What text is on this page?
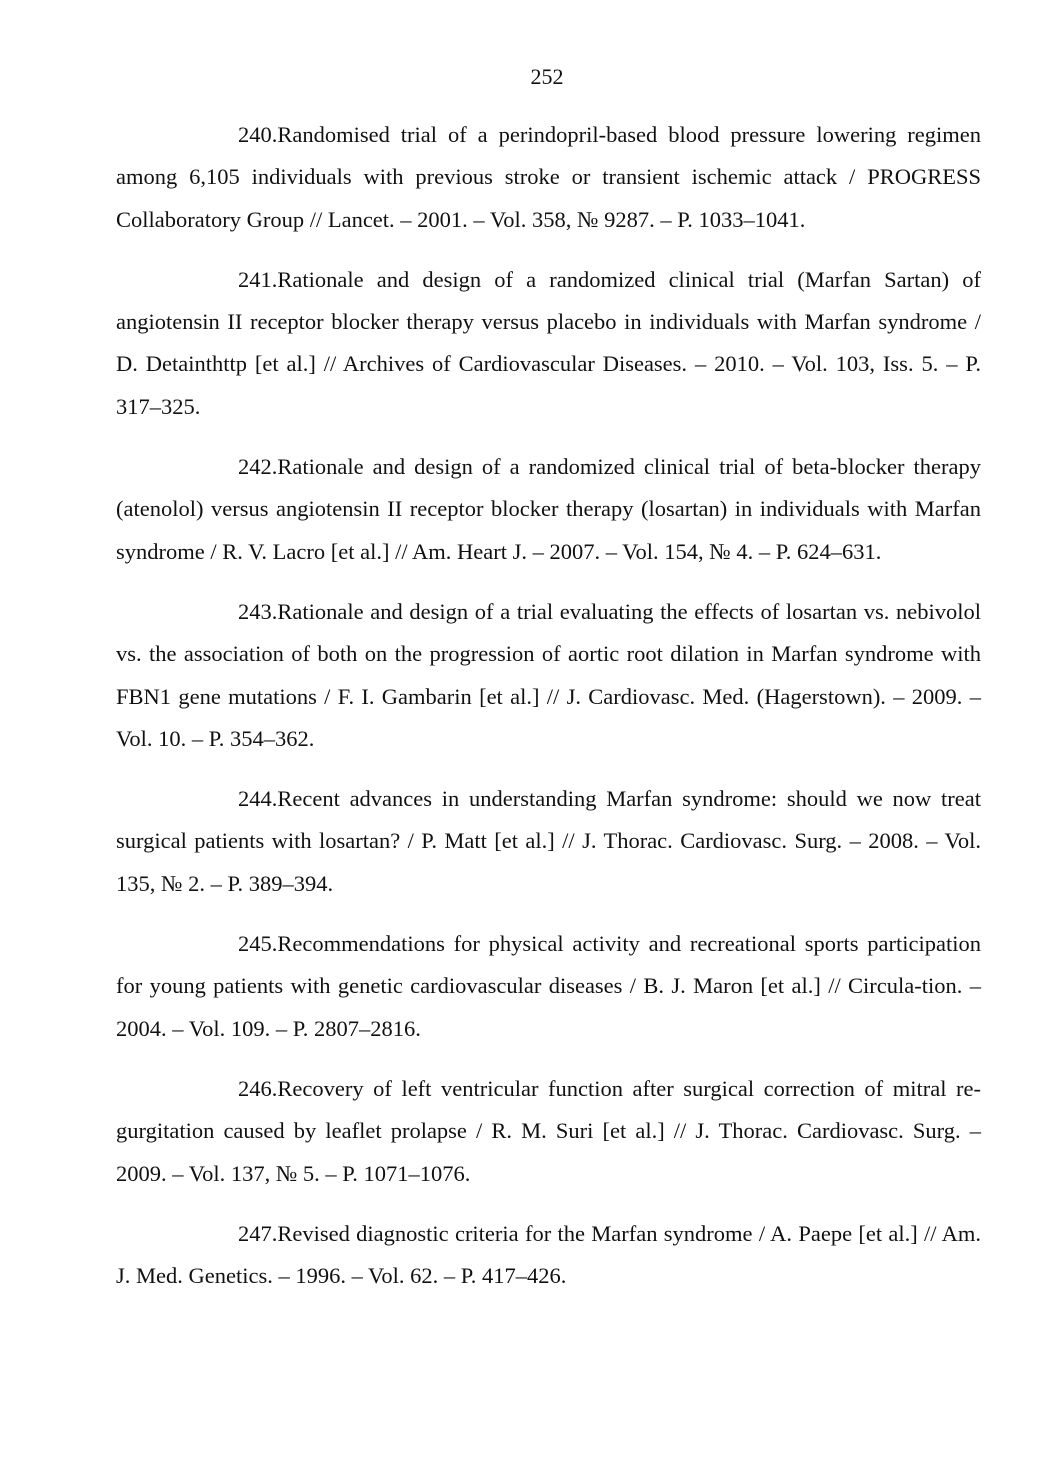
252

240.Randomised trial of a perindopril-based blood pressure lowering regimen among 6,105 individuals with previous stroke or transient ischemic attack / PROGRESS Collaboratory Group // Lancet. – 2001. – Vol. 358, № 9287. – P. 1033–1041.

241.Rationale and design of a randomized clinical trial (Marfan Sartan) of angiotensin II receptor blocker therapy versus placebo in individuals with Marfan syndrome / D. Detainthttp [et al.] // Archives of Cardiovascular Diseases. – 2010. – Vol. 103, Iss. 5. – P. 317–325.

242.Rationale and design of a randomized clinical trial of beta-blocker therapy (atenolol) versus angiotensin II receptor blocker therapy (losartan) in individuals with Marfan syndrome / R. V. Lacro [et al.] // Am. Heart J. – 2007. – Vol. 154, № 4. – P. 624–631.

243.Rationale and design of a trial evaluating the effects of losartan vs. nebivolol vs. the association of both on the progression of aortic root dilation in Marfan syndrome with FBN1 gene mutations / F. I. Gambarin [et al.] // J. Cardiovasc. Med. (Hagerstown). – 2009. – Vol. 10. – P. 354–362.

244.Recent advances in understanding Marfan syndrome: should we now treat surgical patients with losartan? / P. Matt [et al.] // J. Thorac. Cardiovasc. Surg. – 2008. – Vol. 135, № 2. – P. 389–394.

245.Recommendations for physical activity and recreational sports participation for young patients with genetic cardiovascular diseases / B. J. Maron [et al.] // Circula-tion. – 2004. – Vol. 109. – P. 2807–2816.

246.Recovery of left ventricular function after surgical correction of mitral re-gurgitation caused by leaflet prolapse / R. M. Suri [et al.] // J. Thorac. Cardiovasc. Surg. – 2009. – Vol. 137, № 5. – P. 1071–1076.

247.Revised diagnostic criteria for the Marfan syndrome / A. Paepe [et al.] // Am. J. Med. Genetics. – 1996. – Vol. 62. – P. 417–426.
